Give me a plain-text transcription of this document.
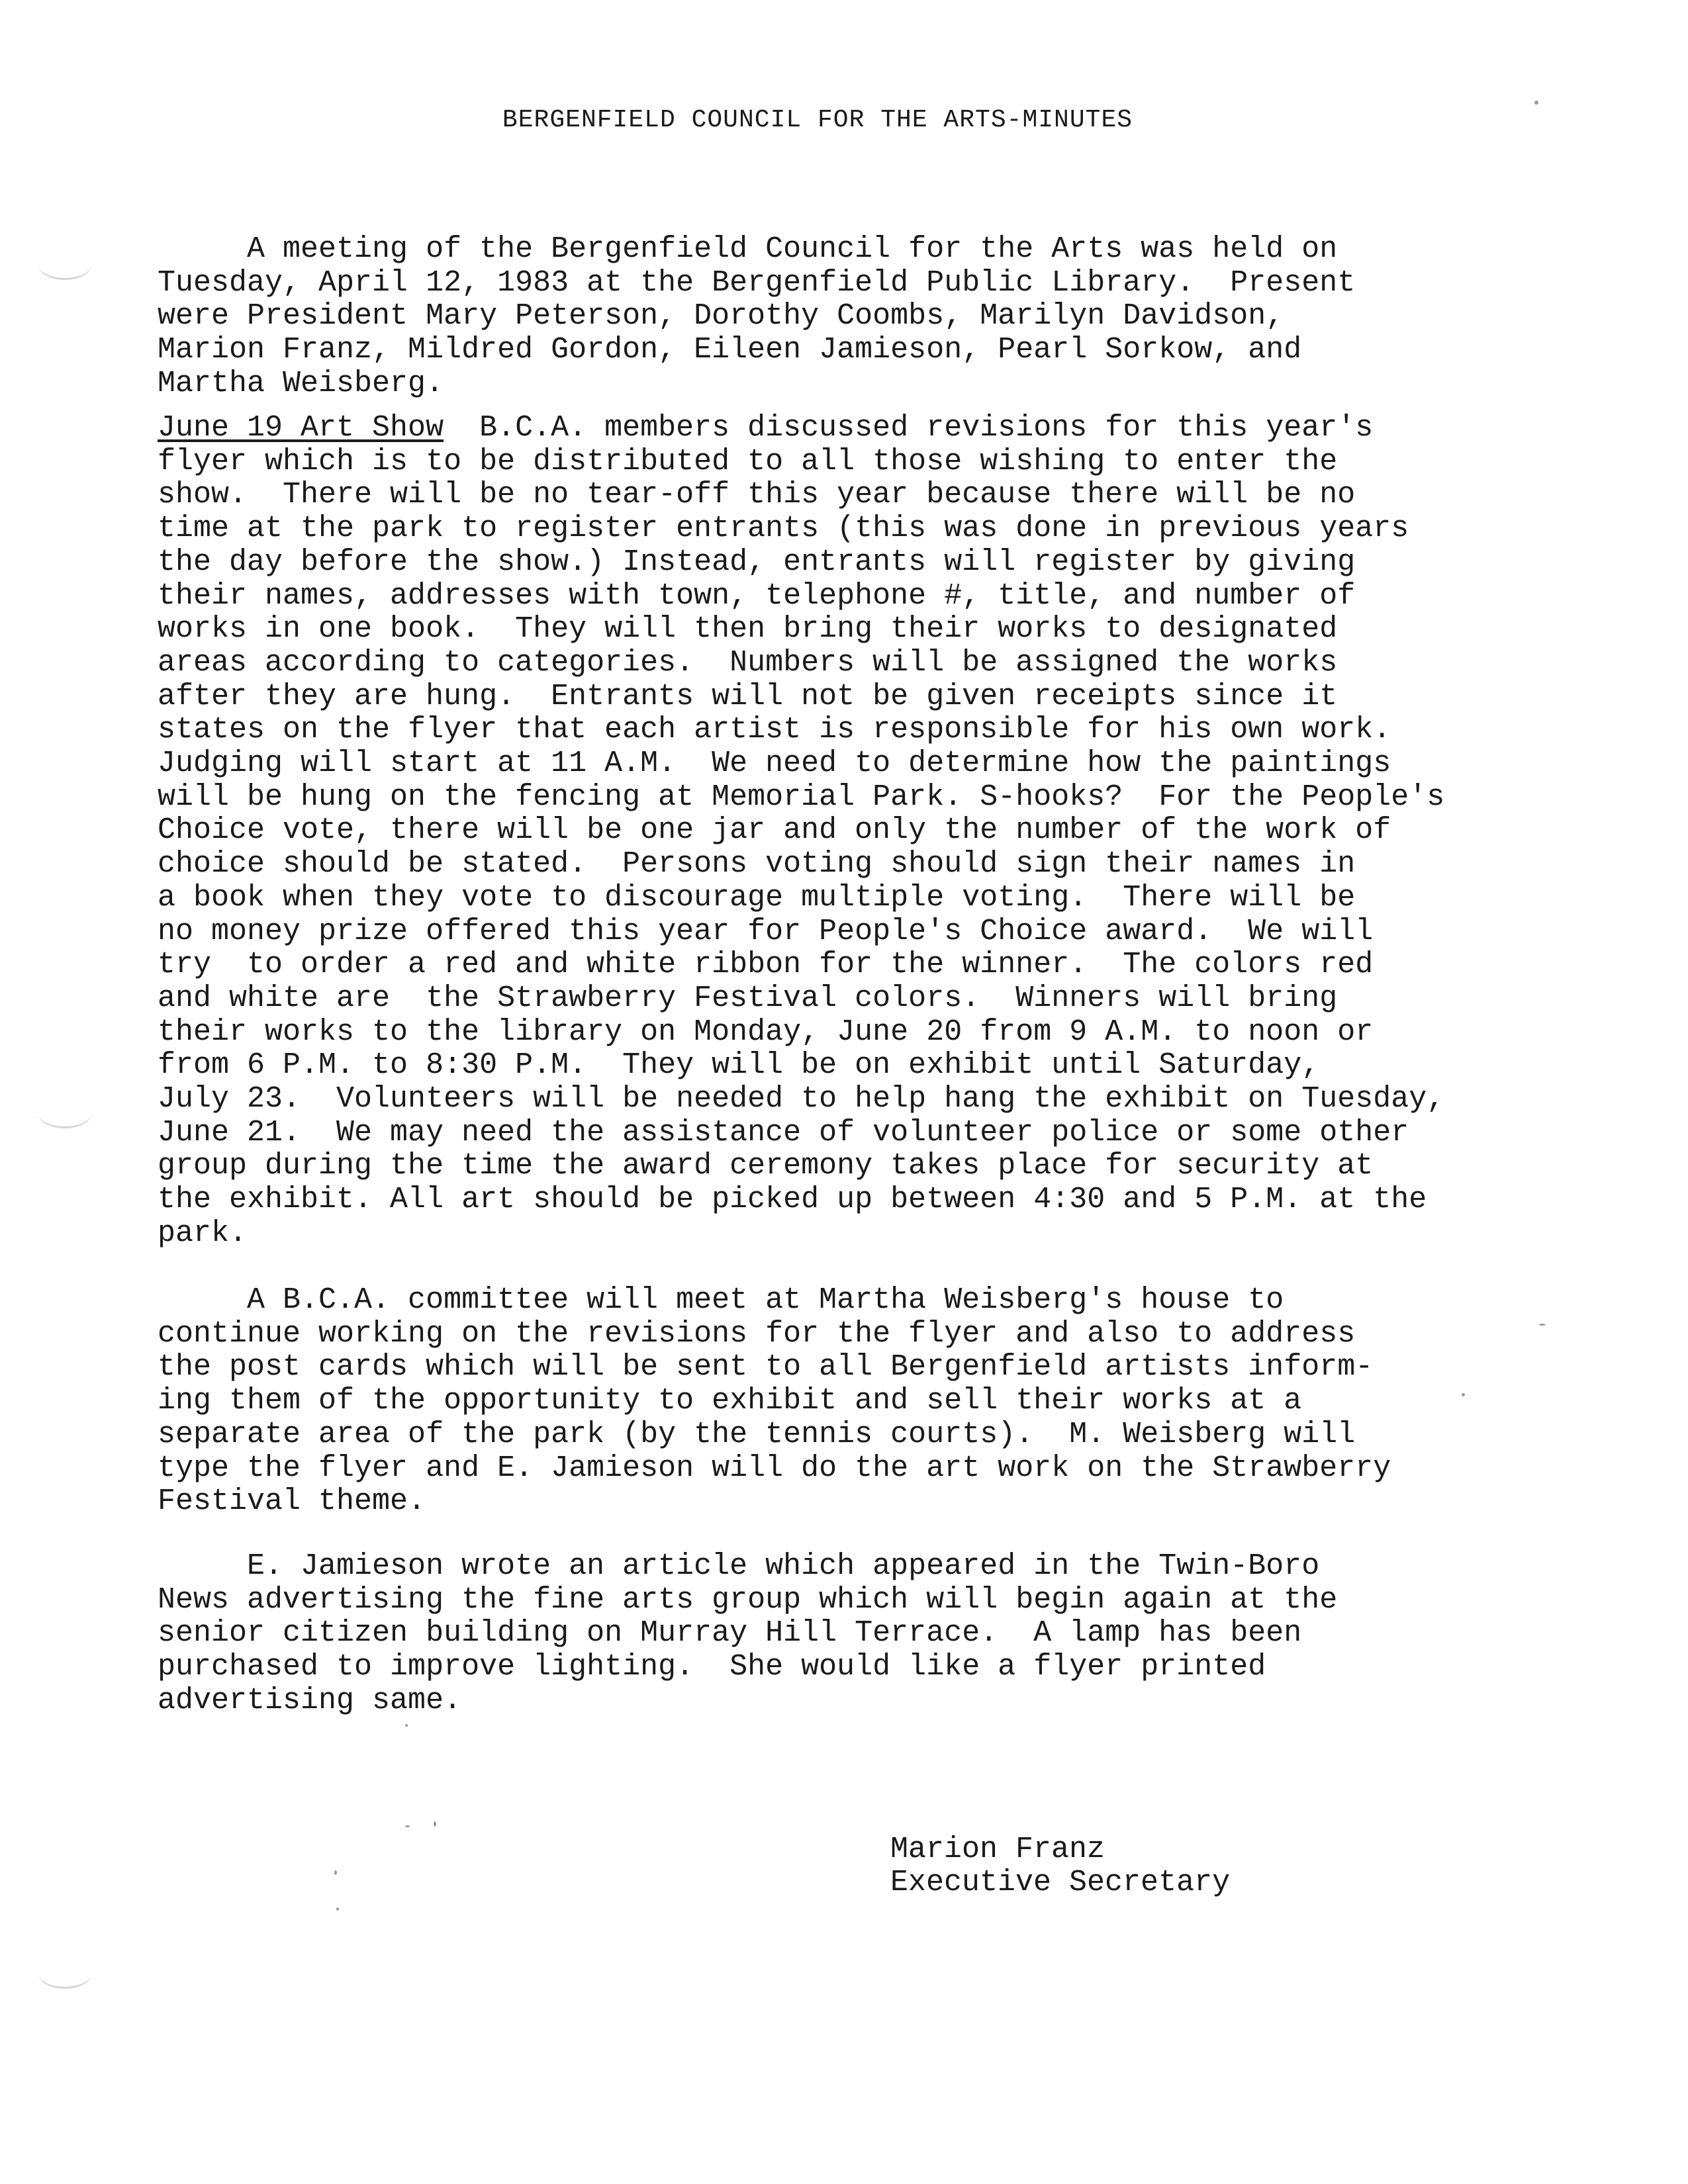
BERGENFIELD COUNCIL FOR THE ARTS-MINUTES
A meeting of the Bergenfield Council for the Arts was held on
Tuesday, April 12, 1983 at the Bergenfield Public Library.  Present
were President Mary Peterson, Dorothy Coombs, Marilyn Davidson,
Marion Franz, Mildred Gordon, Eileen Jamieson, Pearl Sorkow, and
Martha Weisberg.
June 19 Art Show  B.C.A. members discussed revisions for this year's
flyer which is to be distributed to all those wishing to enter the
show.  There will be no tear-off this year because there will be no
time at the park to register entrants (this was done in previous years
the day before the show.) Instead, entrants will register by giving
their names, addresses with town, telephone #, title, and number of
works in one book.  They will then bring their works to designated
areas according to categories.  Numbers will be assigned the works
after they are hung.  Entrants will not be given receipts since it
states on the flyer that each artist is responsible for his own work.
Judging will start at 11 A.M.  We need to determine how the paintings
will be hung on the fencing at Memorial Park. S-hooks?  For the People's
Choice vote, there will be one jar and only the number of the work of
choice should be stated.  Persons voting should sign their names in
a book when they vote to discourage multiple voting.  There will be
no money prize offered this year for People's Choice award.  We will
try  to order a red and white ribbon for the winner.  The colors red
and white are  the Strawberry Festival colors.  Winners will bring
their works to the library on Monday, June 20 from 9 A.M. to noon or
from 6 P.M. to 8:30 P.M.  They will be on exhibit until Saturday,
July 23.  Volunteers will be needed to help hang the exhibit on Tuesday,
June 21.  We may need the assistance of volunteer police or some other
group during the time the award ceremony takes place for security at
the exhibit. All art should be picked up between 4:30 and 5 P.M. at the
park.
A B.C.A. committee will meet at Martha Weisberg's house to
continue working on the revisions for the flyer and also to address
the post cards which will be sent to all Bergenfield artists inform-
ing them of the opportunity to exhibit and sell their works at a
separate area of the park (by the tennis courts).  M. Weisberg will
type the flyer and E. Jamieson will do the art work on the Strawberry
Festival theme.
E. Jamieson wrote an article which appeared in the Twin-Boro
News advertising the fine arts group which will begin again at the
senior citizen building on Murray Hill Terrace.  A lamp has been
purchased to improve lighting.  She would like a flyer printed
advertising same.
Marion Franz
Executive Secretary
